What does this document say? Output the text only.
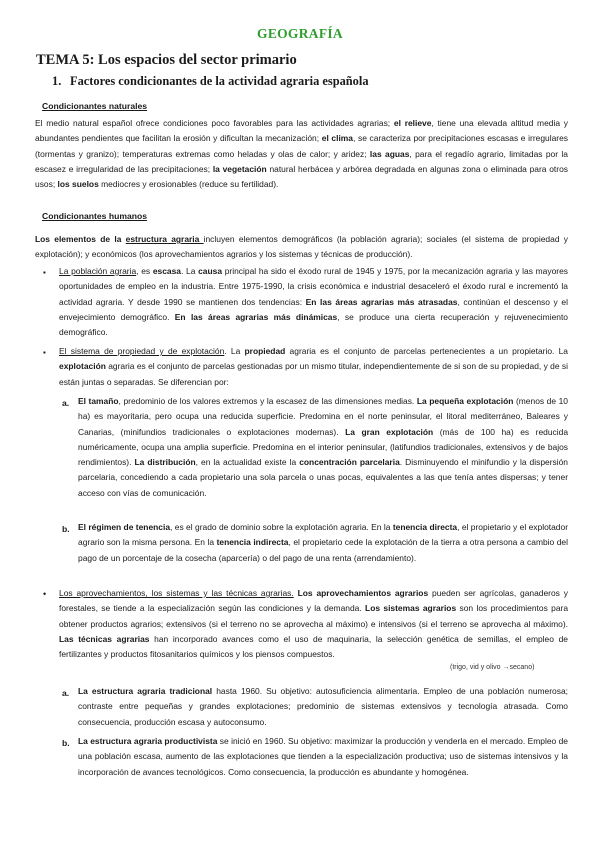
GEOGRAFÍA
TEMA 5: Los espacios del sector primario
1. Factores condicionantes de la actividad agraria española
Condicionantes naturales
El medio natural español ofrece condiciones poco favorables para las actividades agrarias; el relieve, tiene una elevada altitud media y abundantes pendientes que facilitan la erosión y dificultan la mecanización; el clima, se caracteriza por precipitaciones escasas e irregulares (tormentas y granizo); temperaturas extremas como heladas y olas de calor; y aridez; las aguas, para el regadío agrario, limitadas por la escasez e irregularidad de las precipitaciones; la vegetación natural herbácea y arbórea degradada en algunas zona o eliminada para otros usos; los suelos mediocres y erosionables (reduce su fertilidad).
Condicionantes humanos
Los elementos de la estructura agraria incluyen elementos demográficos (la población agraria); sociales (el sistema de propiedad y explotación); y económicos (los aprovechamientos agrarios y los sistemas y técnicas de producción).
▪ La población agraria, es escasa. La causa principal ha sido el éxodo rural de 1945 y 1975, por la mecanización agraria y las mayores oportunidades de empleo en la industria. Entre 1975-1990, la crisis económica e industrial desaceleró el éxodo rural e incrementó la actividad agraria. Y desde 1990 se mantienen dos tendencias: En las áreas agrarias más atrasadas, continúan el descenso y el envejecimiento demográfico. En las áreas agrarias más dinámicas, se produce una cierta recuperación y rejuvenecimiento demográfico.
▪ El sistema de propiedad y de explotación. La propiedad agraria es el conjunto de parcelas pertenecientes a un propietario. La explotación agraria es el conjunto de parcelas gestionadas por un mismo titular, independientemente de si son de su propiedad, y de si están juntas o separadas. Se diferencian por:
a. El tamaño, predominio de los valores extremos y la escasez de las dimensiones medias. La pequeña explotación (menos de 10 ha) es mayoritaria, pero ocupa una reducida superficie. Predomina en el norte peninsular, el litoral mediterráneo, Baleares y Canarias, (minifundios tradicionales o explotaciones modernas). La gran explotación (más de 100 ha) es reducida numéricamente, ocupa una amplia superficie. Predomina en el interior peninsular, (latifundios tradicionales, extensivos y de bajos rendimientos). La distribución, en la actualidad existe la concentración parcelaria. Disminuyendo el minifundio y la dispersión parcelaria, concediendo a cada propietario una sola parcela o unas pocas, equivalentes a las que tenía antes dispersas; y tener acceso con vías de comunicación.
b. El régimen de tenencia, es el grado de dominio sobre la explotación agraria. En la tenencia directa, el propietario y el explotador agrario son la misma persona. En la tenencia indirecta, el propietario cede la explotación de la tierra a otra persona a cambio del pago de un porcentaje de la cosecha (aparcería) o del pago de una renta (arrendamiento).
• Los aprovechamientos, los sistemas y las técnicas agrarias. Los aprovechamientos agrarios pueden ser agrícolas, ganaderos y forestales, se tiende a la especialización según las condiciones y la demanda. Los sistemas agrarios son los procedimientos para obtener productos agrarios; extensivos (si el terreno no se aprovecha al máximo) e intensivos (si el terreno se aprovecha al máximo). Las técnicas agrarias han incorporado avances como el uso de maquinaria, la selección genética de semillas, el empleo de fertilizantes y productos fitosanitarios químicos y los piensos compuestos.
(trigo, vid y olivo →secano)
a. La estructura agraria tradicional hasta 1960. Su objetivo: autosuficiencia alimentaria. Empleo de una población numerosa; contraste entre pequeñas y grandes explotaciones; predominio de sistemas extensivos y tecnología atrasada. Como consecuencia, producción escasa y autoconsumo.
b. La estructura agraria productivista se inició en 1960. Su objetivo: maximizar la producción y venderla en el mercado. Empleo de una población escasa, aumento de las explotaciones que tienden a la especialización productiva; uso de sistemas intensivos y la incorporación de avances tecnológicos. Como consecuencia, la producción es abundante y homogénea.
